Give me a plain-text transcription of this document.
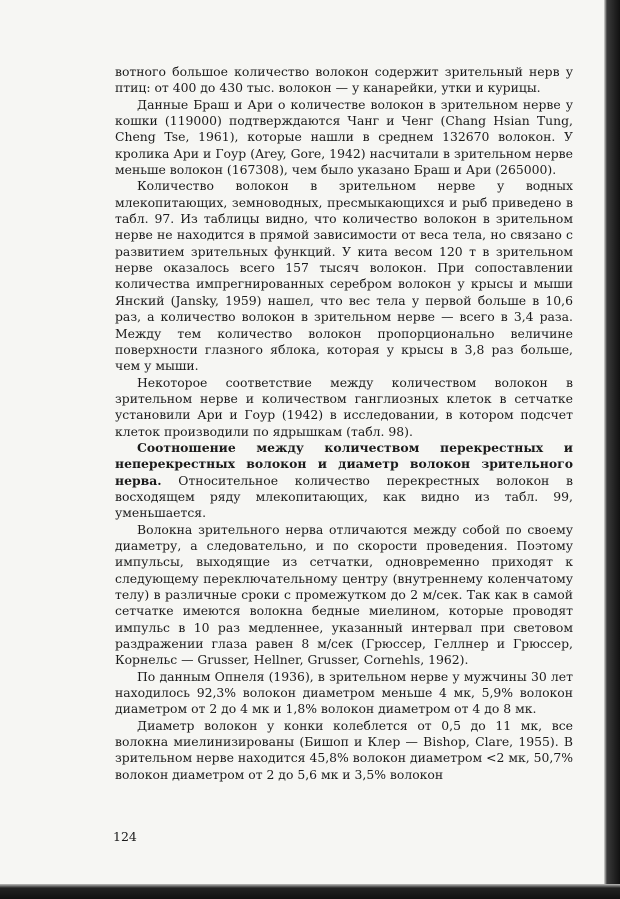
вотного большое количество волокон содержит зрительный нерв у птиц: от 400 до 430 тыс. волокон — у канарейки, утки и курицы.

Данные Браш и Ари о количестве волокон в зрительном нерве у кошки (119000) подтверждаются Чанг и Ченг (Chang Hsian Tung, Cheng Tse, 1961), которые нашли в среднем 132670 волокон. У кролика Ари и Гоур (Arey, Gore, 1942) насчитали в зрительном нерве меньше волокон (167308), чем было указано Браш и Ари (265000).

Количество волокон в зрительном нерве у водных млекопитающих, земноводных, пресмыкающихся и рыб приведено в табл. 97. Из таблицы видно, что количество волокон в зрительном нерве не находится в прямой зависимости от веса тела, но связано с развитием зрительных функций. У кита весом 120 т в зрительном нерве оказалось всего 157 тысяч волокон. При сопоставлении количества импрегнированных серебром волокон у крысы и мыши Янский (Jansky, 1959) нашел, что вес тела у первой больше в 10,6 раз, а количество волокон в зрительном нерве — всего в 3,4 раза. Между тем количество волокон пропорционально величине поверхности глазного яблока, которая у крысы в 3,8 раз больше, чем у мыши.

Некоторое соответствие между количеством волокон в зрительном нерве и количеством ганглиозных клеток в сетчатке установили Ари и Гоур (1942) в исследовании, в котором подсчет клеток производили по ядрышкам (табл. 98).

Соотношение между количеством перекрестных и неперекрестных волокон и диаметр волокон зрительного нерва. Относительное количество перекрестных волокон в восходящем ряду млекопитающих, как видно из табл. 99, уменьшается.

Волокна зрительного нерва отличаются между собой по своему диаметру, а следовательно, и по скорости проведения. Поэтому импульсы, выходящие из сетчатки, одновременно приходят к следующему переключательному центру (внутреннему коленчатому телу) в различные сроки с промежутком до 2 м/сек. Так как в самой сетчатке имеются волокна бедные миелином, которые проводят импульс в 10 раз медленнее, указанный интервал при световом раздражении глаза равен 8 м/сек (Грюссер, Геллнер и Грюссер, Корнельс — Grusser, Hellner, Grusser, Cornehls, 1962).

По данным Опнеля (1936), в зрительном нерве у мужчины 30 лет находилось 92,3% волокон диаметром меньше 4 мк, 5,9% волокон диаметром от 2 до 4 мк и 1,8% волокон диаметром от 4 до 8 мк.

Диаметр волокон у конки колеблется от 0,5 до 11 мк, все волокна миелинизированы (Бишоп и Клер — Bishop, Clare, 1955). В зрительном нерве находится 45,8% волокон диаметром <2 мк, 50,7% волокон диаметром от 2 до 5,6 мк и 3,5% волокон

124
